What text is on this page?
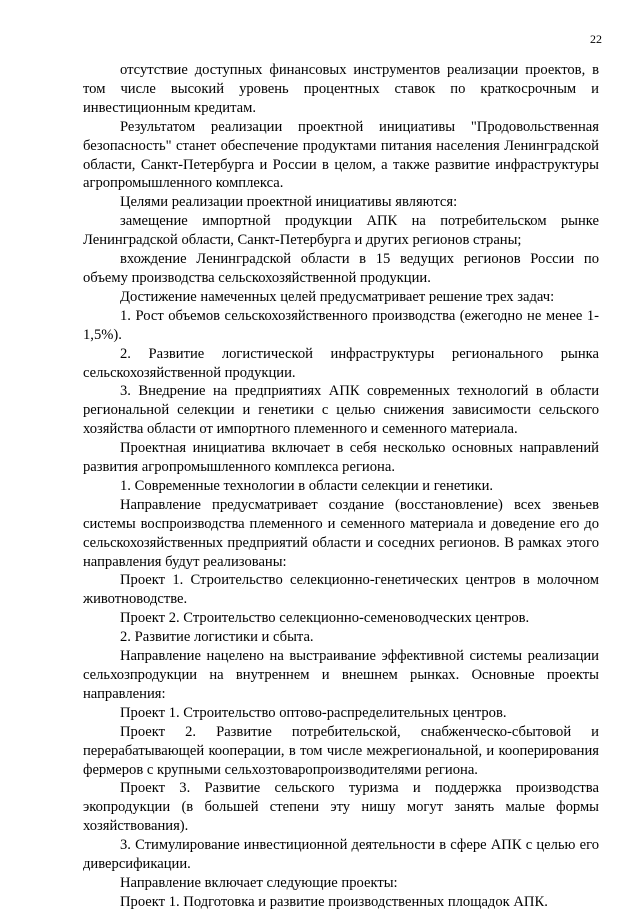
22

отсутствие доступных финансовых инструментов реализации проектов, в том числе высокий уровень процентных ставок по краткосрочным и инвестиционным кредитам.

Результатом реализации проектной инициативы "Продовольственная безопасность" станет обеспечение продуктами питания населения Ленинградской области, Санкт-Петербурга и России в целом, а также развитие инфраструктуры агропромышленного комплекса.

Целями реализации проектной инициативы являются:

замещение импортной продукции АПК на потребительском рынке Ленинградской области, Санкт-Петербурга и других регионов страны;

вхождение Ленинградской области в 15 ведущих регионов России по объему производства сельскохозяйственной продукции.

Достижение намеченных целей предусматривает решение трех задач:

1. Рост объемов сельскохозяйственного производства (ежегодно не менее 1-1,5%).

2. Развитие логистической инфраструктуры регионального рынка сельскохозяйственной продукции.

3. Внедрение на предприятиях АПК современных технологий в области региональной селекции и генетики с целью снижения зависимости сельского хозяйства области от импортного племенного и семенного материала.

Проектная инициатива включает в себя несколько основных направлений развития агропромышленного комплекса региона.

1. Современные технологии в области селекции и генетики.

Направление предусматривает создание (восстановление) всех звеньев системы воспроизводства племенного и семенного материала и доведение его до сельскохозяйственных предприятий области и соседних регионов. В рамках этого направления будут реализованы:

Проект 1. Строительство селекционно-генетических центров в молочном животноводстве.

Проект 2. Строительство селекционно-семеноводческих центров.

2. Развитие логистики и сбыта.

Направление нацелено на выстраивание эффективной системы реализации сельхозпродукции на внутреннем и внешнем рынках. Основные проекты направления:

Проект 1. Строительство оптово-распределительных центров.

Проект 2. Развитие потребительской, снабженческо-сбытовой и перерабатывающей кооперации, в том числе межрегиональной, и кооперирования фермеров с крупными сельхозтоваропроизводителями региона.

Проект 3. Развитие сельского туризма и поддержка производства экопродукции (в большей степени эту нишу могут занять малые формы хозяйствования).

3. Стимулирование инвестиционной деятельности в сфере АПК с целью его диверсификации.

Направление включает следующие проекты:

Проект 1. Подготовка и развитие производственных площадок АПК.
